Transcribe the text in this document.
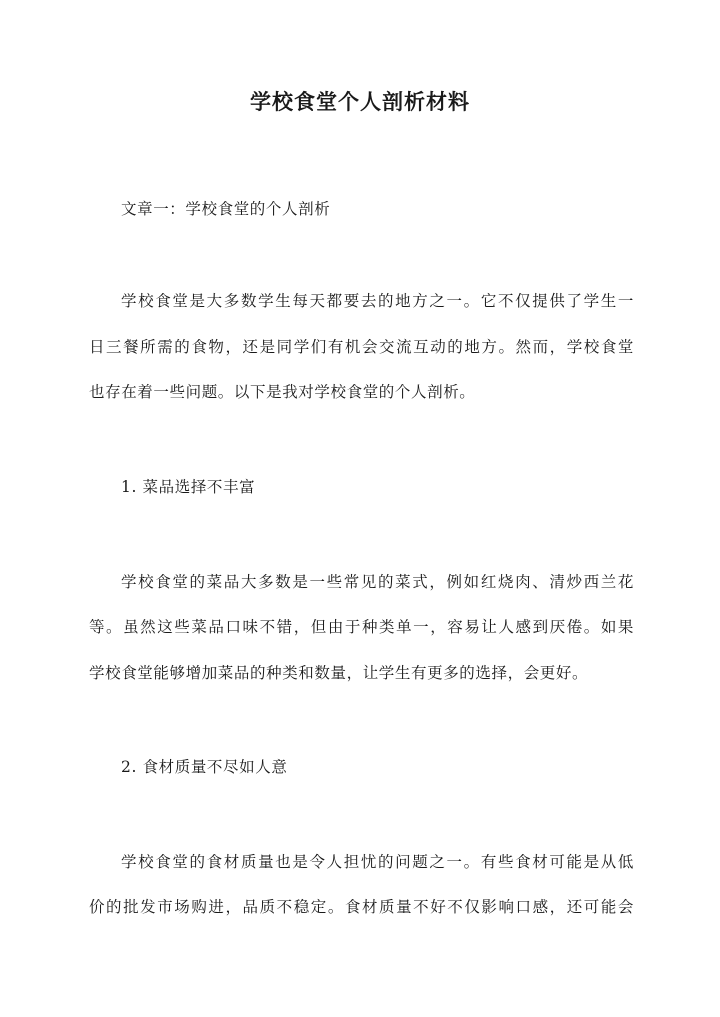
学校食堂个人剖析材料
文章一：学校食堂的个人剖析
学校食堂是大多数学生每天都要去的地方之一。它不仅提供了学生一
日三餐所需的食物，还是同学们有机会交流互动的地方。然而，学校食堂
也存在着一些问题。以下是我对学校食堂的个人剖析。
1. 菜品选择不丰富
学校食堂的菜品大多数是一些常见的菜式，例如红烧肉、清炒西兰花
等。虽然这些菜品口味不错，但由于种类单一，容易让人感到厌倦。如果
学校食堂能够增加菜品的种类和数量，让学生有更多的选择，会更好。
2. 食材质量不尽如人意
学校食堂的食材质量也是令人担忧的问题之一。有些食材可能是从低
价的批发市场购进，品质不稳定。食材质量不好不仅影响口感，还可能会
